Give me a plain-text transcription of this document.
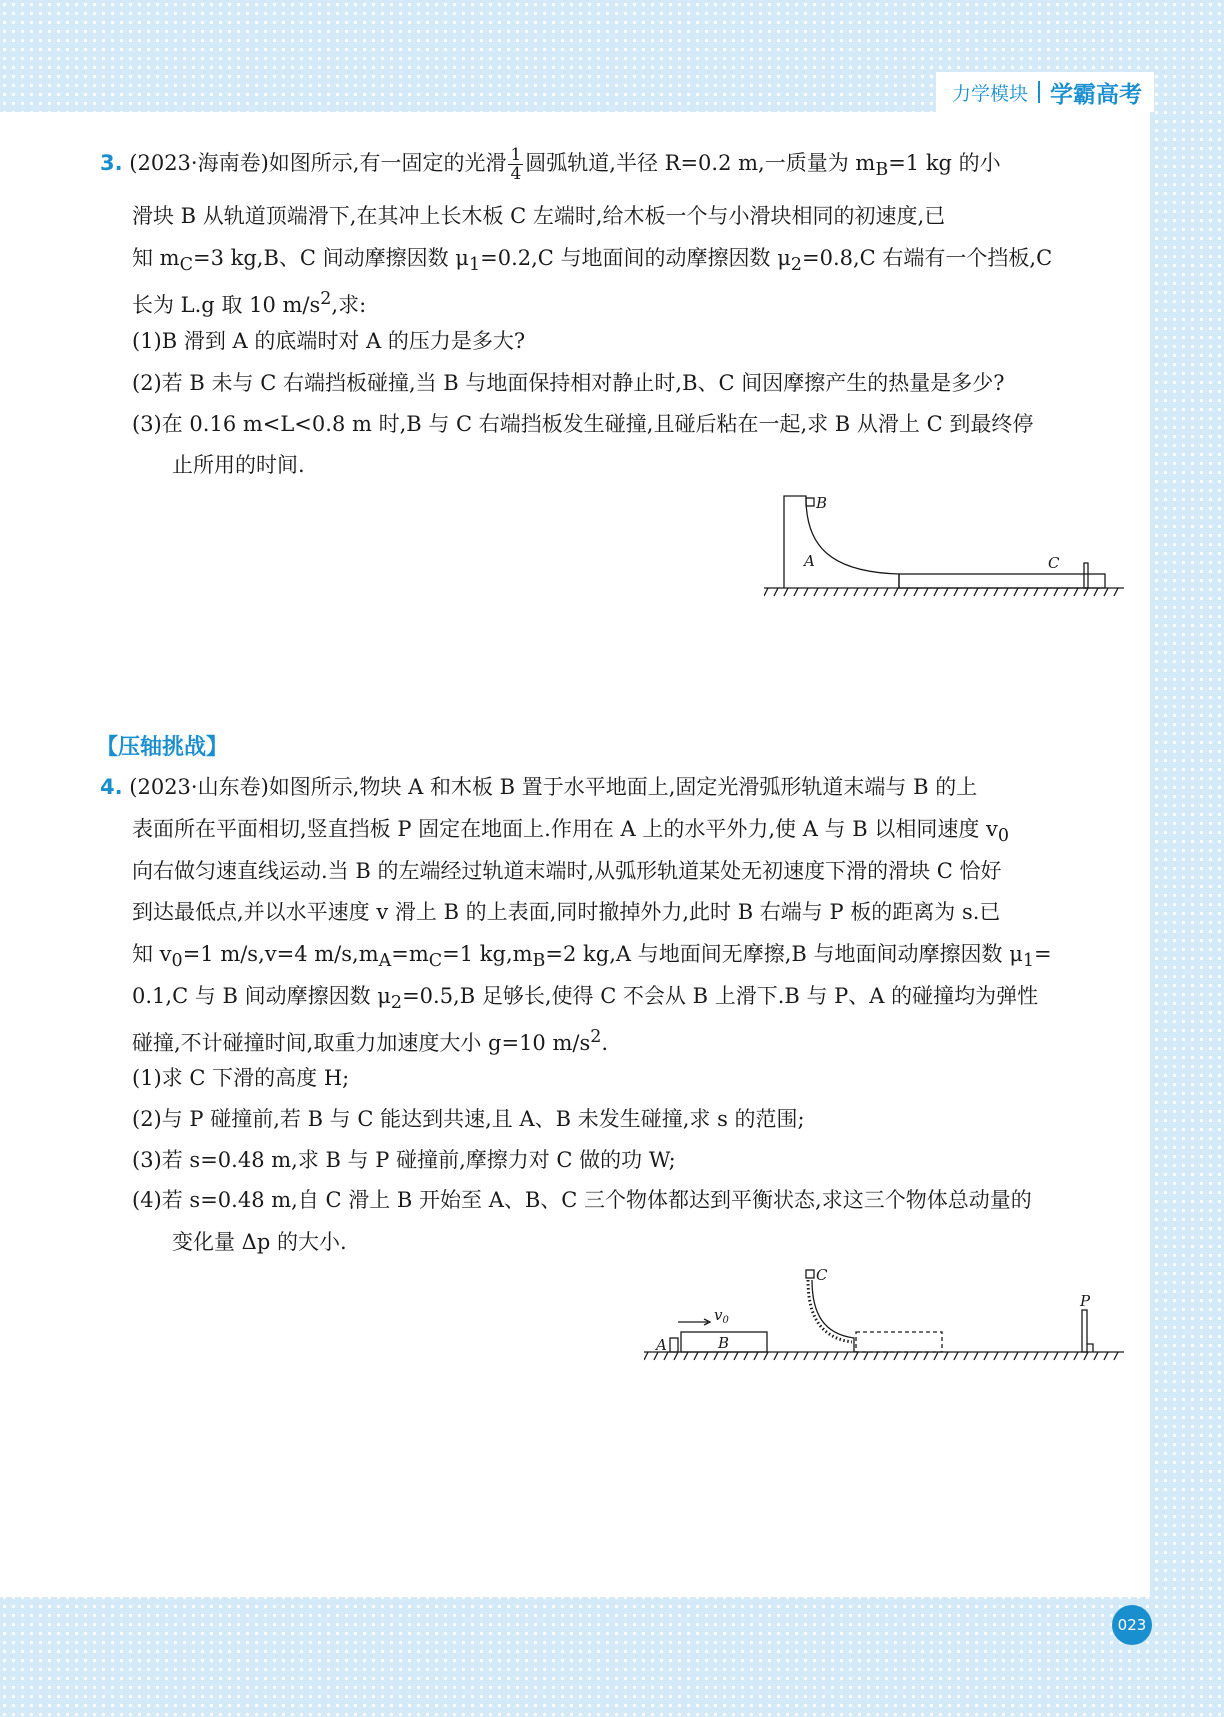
力学模块 学霸高考
3. (2023·海南卷)如图所示,有一固定的光滑 $\frac{1}{4}$ 圆弧轨道,半径 R=0.2 m,一质量为 $m_B=1$ kg 的小
滑块 B 从轨道顶端滑下,在其冲上长木板 C 左端时,给木板一个与小滑块相同的初速度,已
知 $m_C=3$ kg,B、C 间动摩擦因数 $\mu_1=0.2,C$ 与地面间的动摩擦因数 $\mu_2=0.8,C$ 右端有一个挡板,C
长为 L.g 取 10 $m/s^2$,求:
(1)B 滑到 A 的底端时对 A 的压力是多大?
(2)若 B 未与 C 右端挡板碰撞,当 B 与地面保持相对静止时,B、C 间因摩擦产生的热量是多少?
(3)在 0.16 m<L<0.8 m 时,B 与 C 右端挡板发生碰撞,且碰后粘在一起,求 B 从滑上 C 到最终停
止所用的时间.
B
A	C
【压轴挑战】
4. (2023·山东卷)如图所示,物块 A 和木板 B 置于水平地面上,固定光滑弧形轨道末端与 B 的上
表面所在平面相切,竖直挡板 P 固定在地面上.作用在 A 上的水平外力,使 A 与 B 以相同速度 $v_0$
向右做匀速直线运动.当 B 的左端经过轨道末端时,从弧形轨道某处无初速度下滑的滑块 C 恰好
到达最低点,并以水平速度 v 滑上 B 的上表面,同时撤掉外力,此时 B 右端与 P 板的距离为 s.已
知 $v_0=1$ m/s,v=4 $m/s,m_A=m_C=1$ $kg,m_B=2$ kg,A 与地面间无摩擦,B 与地面间动摩擦因数 $\mu_1=$
0.1,C 与 B 间动摩擦因数 $\mu_2=0.5,B$ 足够长,使得 C 不会从 B 上滑下.B 与 P、A 的碰撞均为弹性
碰撞,不计碰撞时间,取重力加速度大小 g=10 $m/s^2$.
(1)求 C 下滑的高度 H;
(2)与 P 碰撞前,若 B 与 C 能达到共速,且 A、B 未发生碰撞,求 s 的范围;
(3)若 s=0.48 m,求 B 与 P 碰撞前,摩擦力对 C 做的功 W;
(4)若 s=0.48 m,自 C 滑上 B 开始至 A、B、C 三个物体都达到平衡状态,求这三个物体总动量的
变化量 Δp 的大小.
A	B
C
P
$v_0$
023
